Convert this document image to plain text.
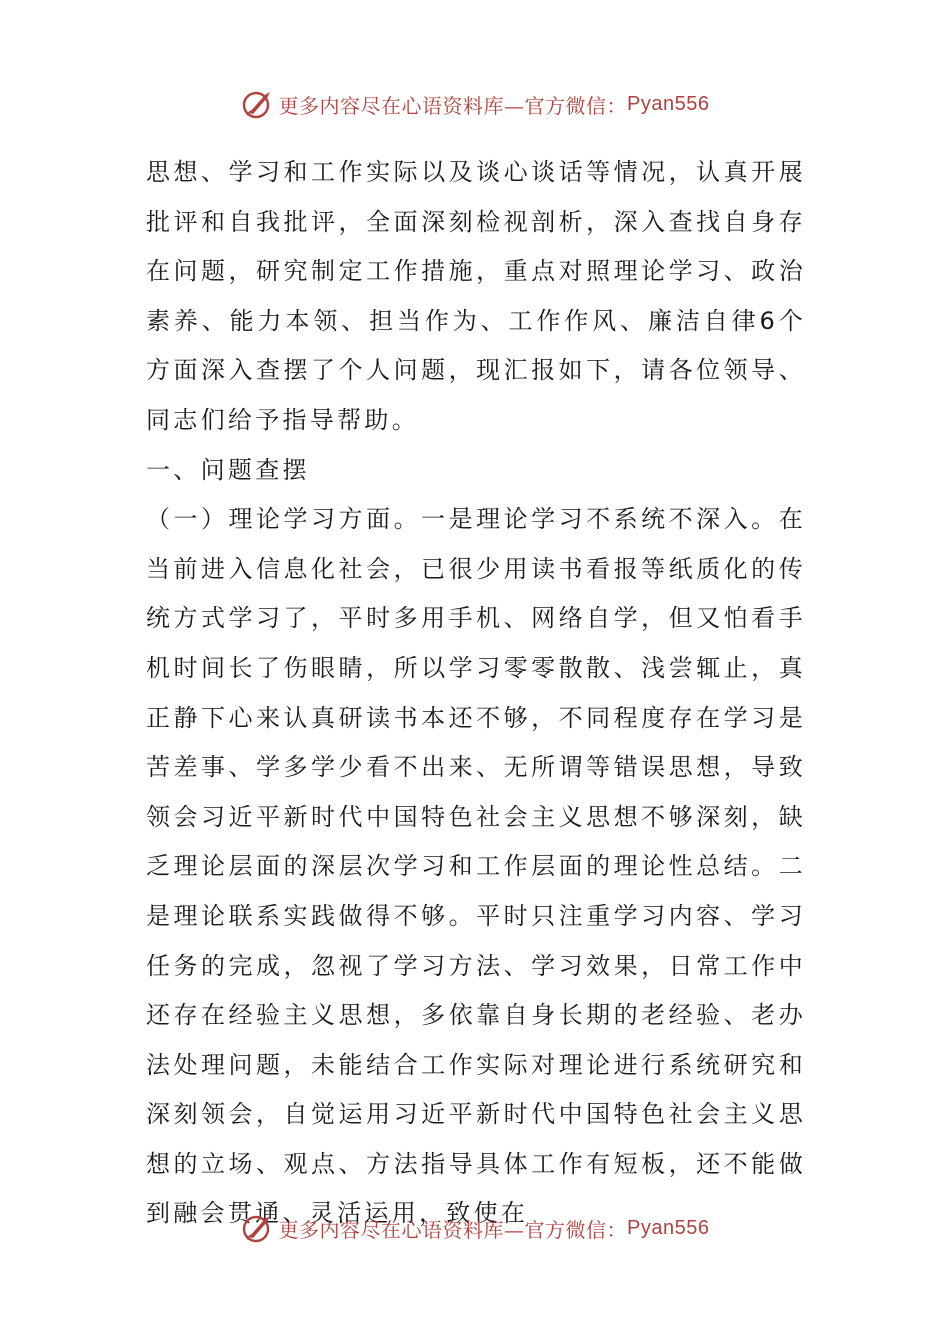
更多内容尽在心语资料库—官方微信： Pyan556

思想、学习和工作实际以及谈心谈话等情况，认真开展批评和自我批评，全面深刻检视剖析，深入查找自身存在问题，研究制定工作措施，重点对照理论学习、政治素养、能力本领、担当作为、工作作风、廉洁自律6个方面深入查摆了个人问题，现汇报如下，请各位领导、同志们给予指导帮助。

一、问题查摆

（一）理论学习方面。一是理论学习不系统不深入。在当前进入信息化社会，已很少用读书看报等纸质化的传统方式学习了，平时多用手机、网络自学，但又怕看手机时间长了伤眼睛，所以学习零零散散、浅尝辄止，真正静下心来认真研读书本还不够，不同程度存在学习是苦差事、学多学少看不出来、无所谓等错误思想，导致领会习近平新时代中国特色社会主义思想不够深刻，缺乏理论层面的深层次学习和工作层面的理论性总结。二是理论联系实践做得不够。平时只注重学习内容、学习任务的完成，忽视了学习方法、学习效果，日常工作中还存在经验主义思想，多依靠自身长期的老经验、老办法处理问题，未能结合工作实际对理论进行系统研究和深刻领会，自觉运用习近平新时代中国特色社会主义思想的立场、观点、方法指导具体工作有短板，还不能做到融会贯通、灵活运用，致使在

更多内容尽在心语资料库—官方微信： Pyan556
